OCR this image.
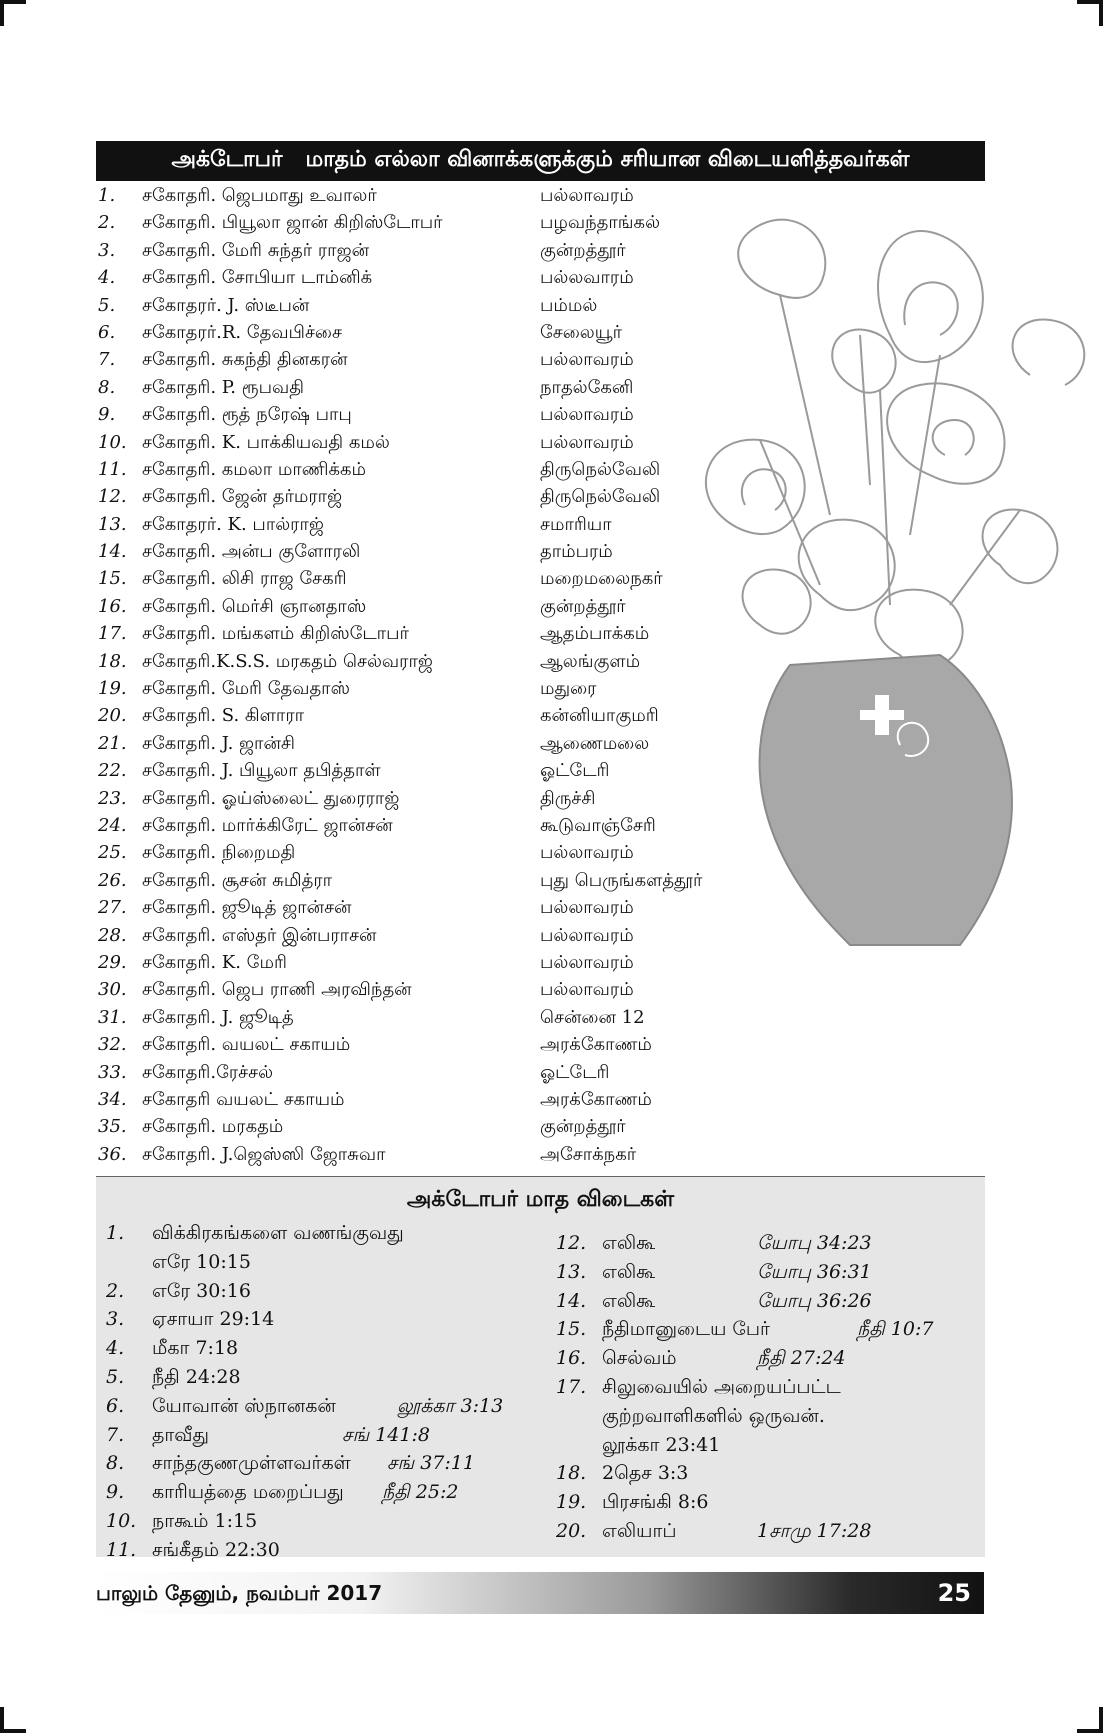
அக்டோபர்   மாதம் எல்லா வினாக்களுக்கும் சரியான விடையளித்தவர்கள்
1. சகோதரி. ஜெபமாது உவாலர்	பல்லாவரம்
2. சகோதரி. பியூலா ஜான் கிறிஸ்டோபர்	பழவந்தாங்கல்
3. சகோதரி. மேரி சுந்தர் ராஜன்	குன்றத்தூர்
4. சகோதரி. சோபியா டாம்னிக்	பல்லவாரம்
5. சகோதரர். J. ஸ்டீபன்	பம்மல்
6. சகோதரர்.R. தேவபிச்சை	சேலையூர்
7. சகோதரி. சுகந்தி தினகரன்	பல்லாவரம்
8. சகோதரி. P. ரூபவதி	நாதல்கேனி
9. சகோதரி. ரூத் நரேஷ் பாபு	பல்லாவரம்
10. சகோதரி. K. பாக்கியவதி கமல்	பல்லாவரம்
11. சகோதரி. கமலா மாணிக்கம்	திருநெல்வேலி
12. சகோதரி. ஜேன் தர்மராஜ்	திருநெல்வேலி
13. சகோதரர். K. பால்ராஜ்	சமாரியா
14. சகோதரி. அன்ப குளோரலி	தாம்பரம்
15. சகோதரி. லிசி ராஜ சேகரி	மறைமலைநகர்
16. சகோதரி. மெர்சி ஞானதாஸ்	குன்றத்தூர்
17. சகோதரி. மங்களம் கிறிஸ்டோபர்	ஆதம்பாக்கம்
18. சகோதரி.K.S.S. மரகதம் செல்வராஜ்	ஆலங்குளம்
19. சகோதரி. மேரி தேவதாஸ்	மதுரை
20. சகோதரி. S. கிளாரா	கன்னியாகுமரி
21. சகோதரி. J. ஜான்சி	ஆணைமலை
22. சகோதரி. J. பியூலா தபித்தாள்	ஓட்டேரி
23. சகோதரி. ஓய்ஸ்லைட் துரைராஜ்	திருச்சி
24. சகோதரி. மார்க்கிரேட் ஜான்சன்	கூடுவாஞ்சேரி
25. சகோதரி. நிறைமதி	பல்லாவரம்
26. சகோதரி. சூசன் சுமித்ரா	புது பெருங்களத்தூர்
27. சகோதரி. ஜூடித் ஜான்சன்	பல்லாவரம்
28. சகோதரி. எஸ்தர் இன்பராசன்	பல்லாவரம்
29. சகோதரி. K. மேரி	பல்லாவரம்
30. சகோதரி. ஜெப ராணி அரவிந்தன்	பல்லாவரம்
31. சகோதரி. J. ஜூடித்	சென்னை 12
32. சகோதரி. வயலட் சகாயம்	அரக்கோணம்
33. சகோதரி.ரேச்சல்	ஓட்டேரி
34. சகோதரி வயலட் சகாயம்	அரக்கோணம்
35. சகோதரி. மரகதம்	குன்றத்தூர்
36. சகோதரி. J.ஜெஸ்ஸி ஜோசுவா	அசோக்நகர்
அக்டோபர் மாத விடைகள்
1. விக்கிரகங்களை வணங்குவது
எரே 10:15
2. எரே 30:16
3. ஏசாயா 29:14
4. மீகா 7:18
5. நீதி 24:28
6. யோவான் ஸ்நானகன்	லூக்கா 3:13
7. தாவீது	சங் 141:8
8. சாந்தகுணமுள்ளவர்கள் சங் 37:11
9. காரியத்தை மறைப்பது நீதி 25:2
10. நாகூம் 1:15
11. சங்கீதம் 22:30
12. எலிகூ	யோபு 34:23
13. எலிகூ	யோபு 36:31
14. எலிகூ	யோபு 36:26
15. நீதிமானுடைய பேர்	நீதி 10:7
16. செல்வம்	நீதி 27:24
17. சிலுவையில் அறையப்பட்ட
குற்றவாளிகளில் ஒருவன்.
லூக்கா 23:41
18. 2தெச 3:3
19. பிரசங்கி 8:6
20. எலியாப்	1சாமு 17:28
பாலும் தேனும், நவம்பர் 2017	25
